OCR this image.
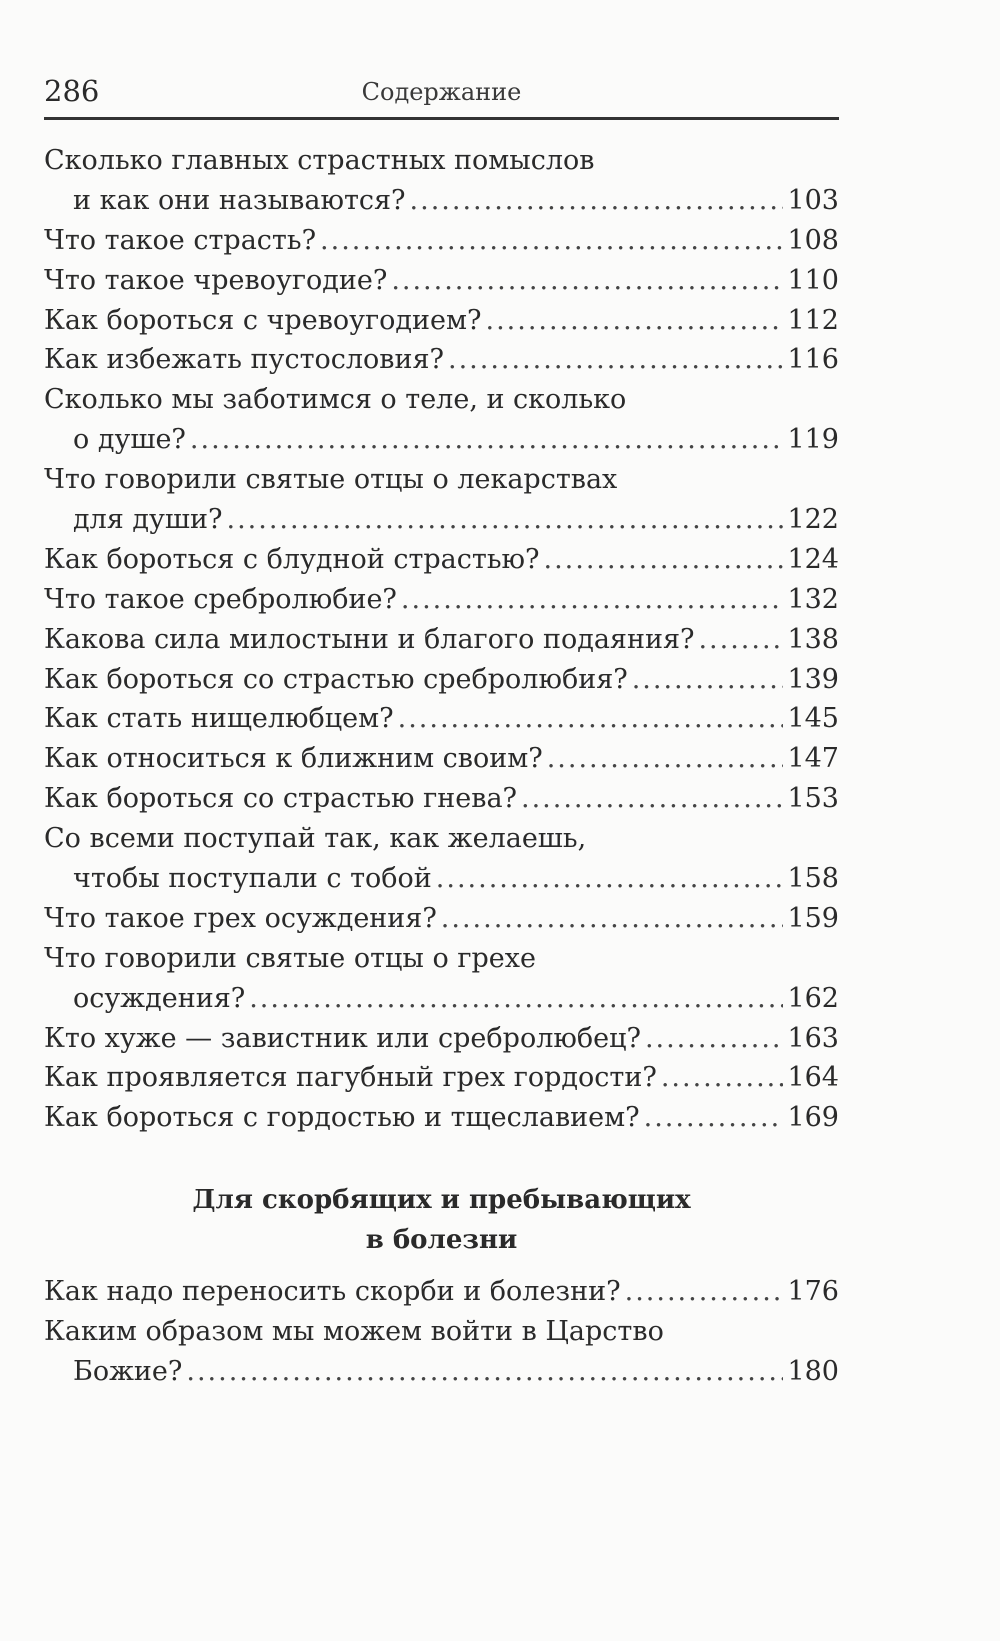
286	Содержание
Сколько главных страстных помыслов
и как они называются? .....	103
Что такое страсть? .....	108
Что такое чревоугодие? .....	110
Как бороться с чревоугодием? .....	112
Как избежать пустословия? .....	116
Сколько мы заботимся о теле, и сколько
о душе? .....	119
Что говорили святые отцы о лекарствах
для души? .....	122
Как бороться с блудной страстью? .....	124
Что такое сребролюбие? .....	132
Какова сила милостыни и благого подаяния? .....	138
Как бороться со страстью сребролюбия? .....	139
Как стать нищелюбцем? .....	145
Как относиться к ближним своим? .....	147
Как бороться со страстью гнева? .....	153
Со всеми поступай так, как желаешь,
чтобы поступали с тобой .....	158
Что такое грех осуждения? .....	159
Что говорили святые отцы о грехе
осуждения? .....	162
Кто хуже — завистник или сребролюбец? .....	163
Как проявляется пагубный грех гордости? .....	164
Как бороться с гордостью и тщеславием? .....	169
Для скорбящих и пребывающих
в болезни
Как надо переносить скорби и болезни? .....	176
Каким образом мы можем войти в Царство
Божие? .....	180
